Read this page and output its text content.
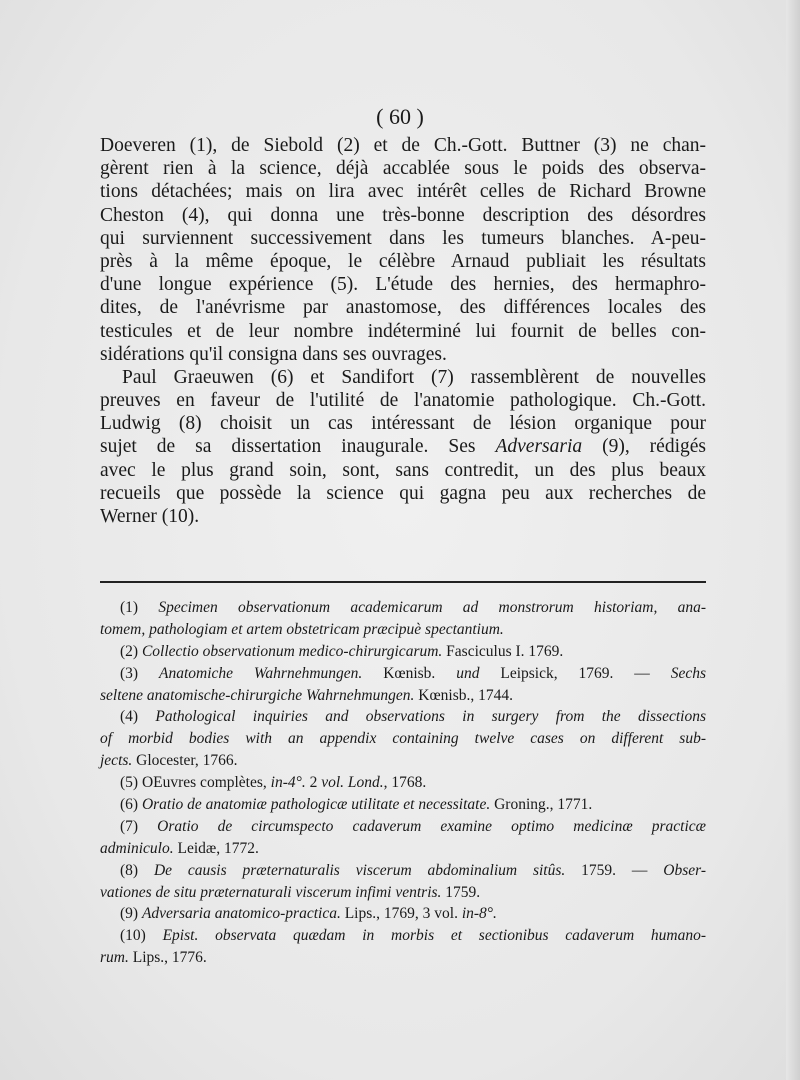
( 60 )
Doeveren (1), de Siebold (2) et de Ch.-Gott. Buttner (3) ne chan-
gèrent rien à la science, déjà accablée sous le poids des observa-
tions détachées; mais on lira avec intérêt celles de Richard Browne
Cheston (4), qui donna une très-bonne description des désordres
qui surviennent successivement dans les tumeurs blanches. A-peu-
près à la même époque, le célèbre Arnaud publiait les résultats
d'une longue expérience (5). L'étude des hernies, des hermaphro-
dites, de l'anévrisme par anastomose, des différences locales des
testicules et de leur nombre indéterminé lui fournit de belles con-
sidérations qu'il consigna dans ses ouvrages.
Paul Graeuwen (6) et Sandifort (7) rassemblèrent de nouvelles
preuves en faveur de l'utilité de l'anatomie pathologique. Ch.-Gott.
Ludwig (8) choisit un cas intéressant de lésion organique pour
sujet de sa dissertation inaugurale. Ses Adversaria (9), rédigés
avec le plus grand soin, sont, sans contredit, un des plus beaux
recueils que possède la science qui gagna peu aux recherches de
Werner (10).
(1) Specimen observationum academicarum ad monstrorum historiam, ana-
tomem, pathologiam et artem obstetricam præcipuè spectantium.
(2) Collectio observationum medico-chirurgicarum. Fasciculus I. 1769.
(3) Anatomiche Wahrnehmungen. Kœnisb. und Leipsick, 1769. — Sechs
seltene anatomische-chirurgiche Wahrnehmungen. Kœnisb., 1744.
(4) Pathological inquiries and observations in surgery from the dissections
of morbid bodies with an appendix containing twelve cases on different sub-
jects. Glocester, 1766.
(5) OEuvres complètes, in-4°. 2 vol. Lond., 1768.
(6) Oratio de anatomiæ pathologicæ utilitate et necessitate. Groning., 1771.
(7) Oratio de circumspecto cadaverum examine optimo medicinæ practicæ
adminiculo. Leidæ, 1772.
(8) De causis præternaturalis viscerum abdominalium sitûs. 1759. — Obser-
vationes de situ præternaturali viscerum infimi ventris. 1759.
(9) Adversaria anatomico-practica. Lips., 1769, 3 vol. in-8°.
(10) Epist. observata quædam in morbis et sectionibus cadaverum humano-
rum. Lips., 1776.
